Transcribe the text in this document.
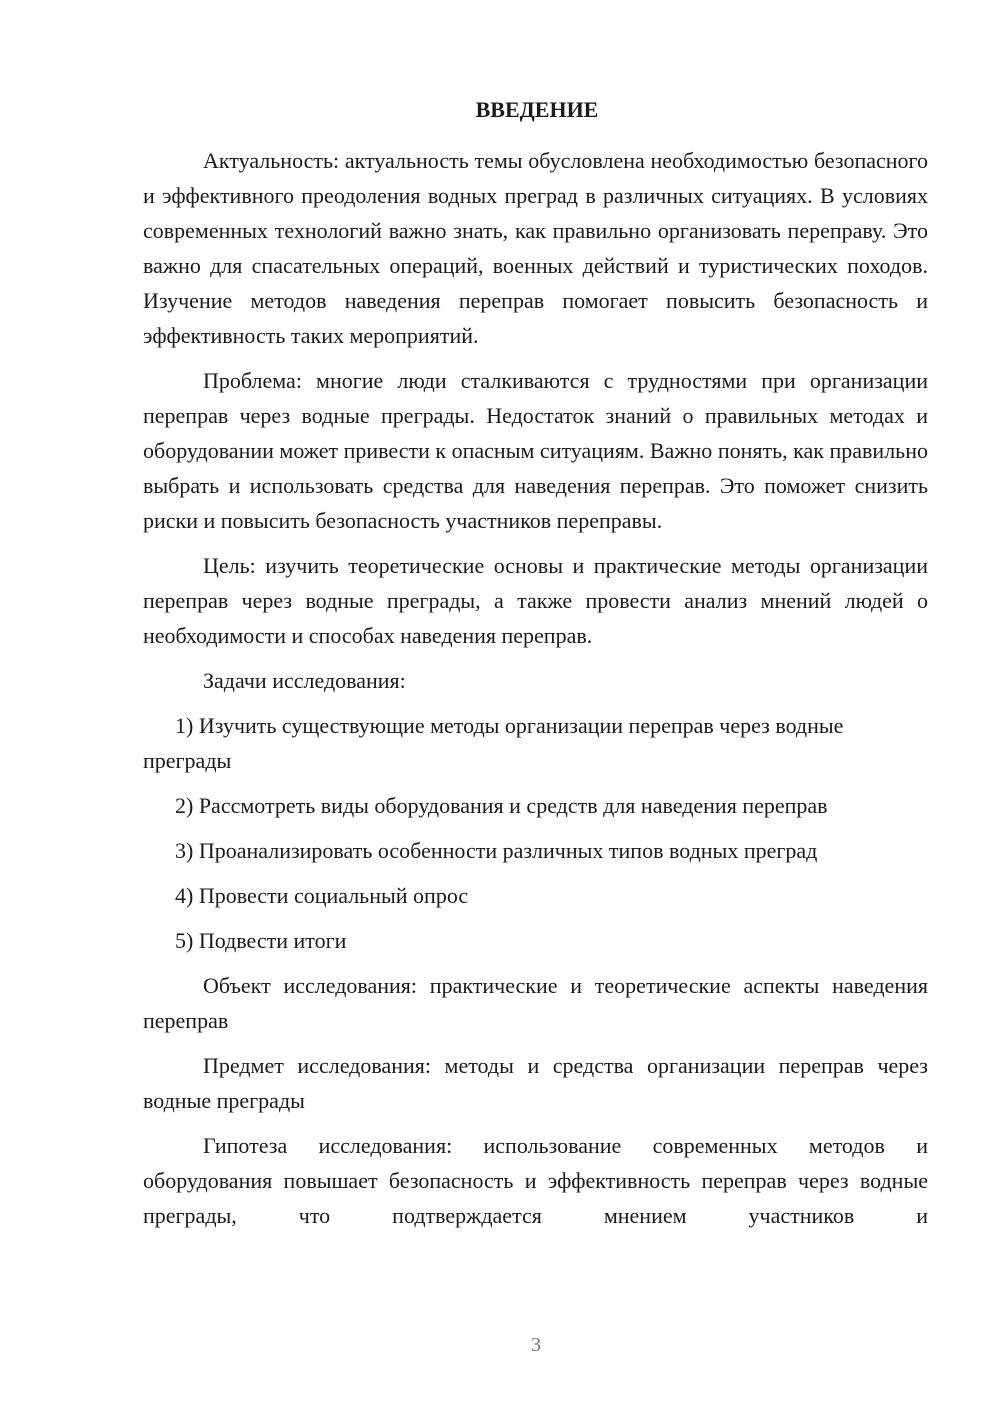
ВВЕДЕНИЕ

Актуальность: актуальность темы обусловлена необходимостью безопасного и эффективного преодоления водных преград в различных ситуациях. В условиях современных технологий важно знать, как правильно организовать переправу. Это важно для спасательных операций, военных действий и туристических походов. Изучение методов наведения переправ помогает повысить безопасность и эффективность таких мероприятий.

Проблема: многие люди сталкиваются с трудностями при организации переправ через водные преграды. Недостаток знаний о правильных методах и оборудовании может привести к опасным ситуациям. Важно понять, как правильно выбрать и использовать средства для наведения переправ. Это поможет снизить риски и повысить безопасность участников переправы.

Цель: изучить теоретические основы и практические методы организации переправ через водные преграды, а также провести анализ мнений людей о необходимости и способах наведения переправ.

Задачи исследования:

1) Изучить существующие методы организации переправ через водные преграды

2) Рассмотреть виды оборудования и средств для наведения переправ

3) Проанализировать особенности различных типов водных преград

4) Провести социальный опрос

5) Подвести итоги

Объект исследования: практические и теоретические аспекты наведения переправ

Предмет исследования: методы и средства организации переправ через водные преграды

Гипотеза исследования: использование современных методов и оборудования повышает безопасность и эффективность переправ через водные преграды, что подтверждается мнением участников и

3
